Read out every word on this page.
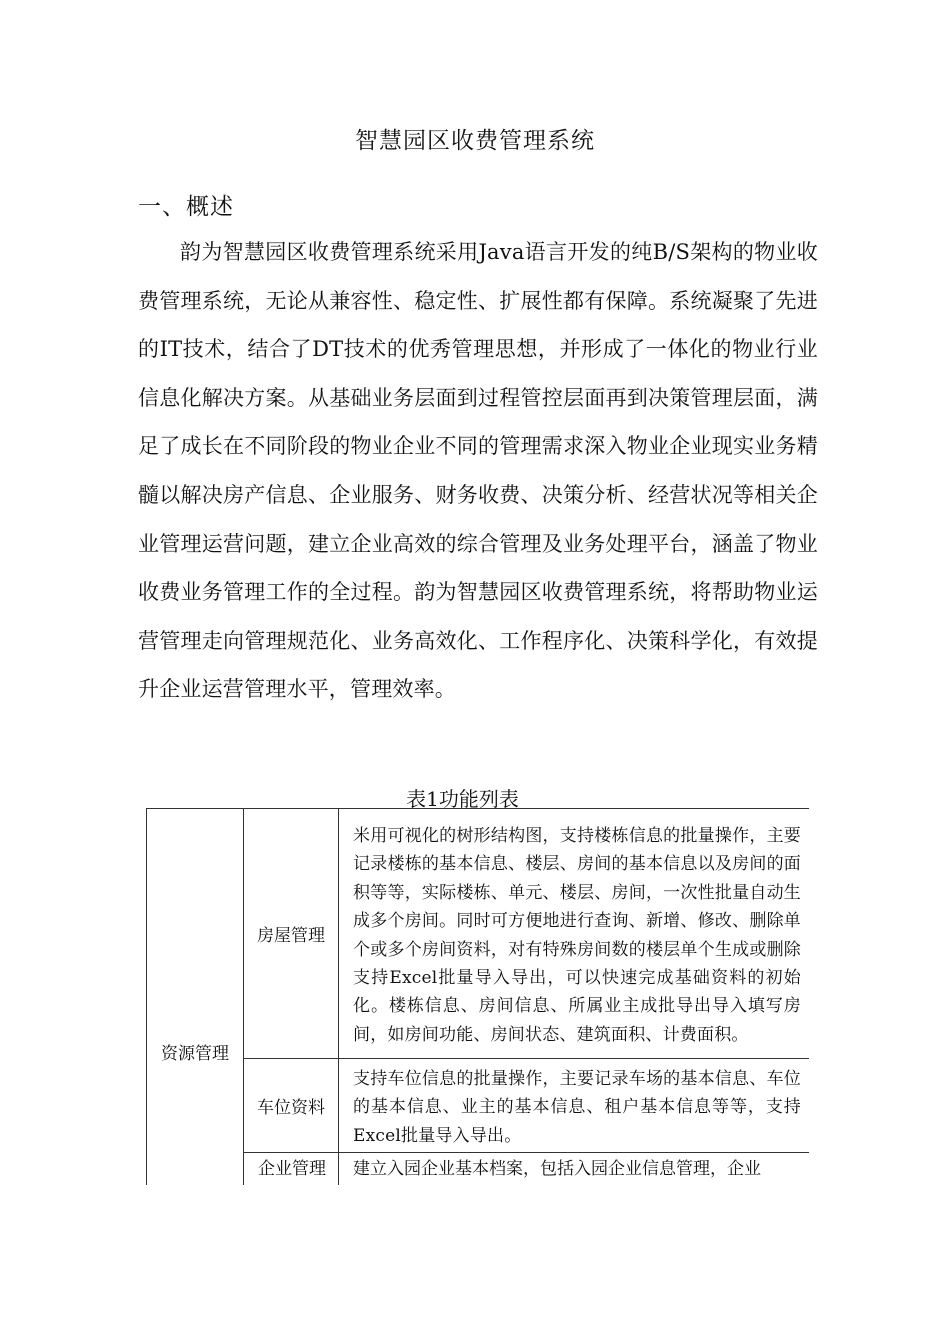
智慧园区收费管理系统
一、概述

韵为智慧园区收费管理系统采用Java语言开发的纯B/S架构的物业收费管理系统，无论从兼容性、稳定性、扩展性都有保障。系统凝聚了先进的IT技术，结合了DT技术的优秀管理思想，并形成了一体化的物业行业信息化解决方案。从基础业务层面到过程管控层面再到决策管理层面，满足了成长在不同阶段的物业企业不同的管理需求深入物业企业现实业务精髓以解决房产信息、企业服务、财务收费、决策分析、经营状况等相关企业管理运营问题，建立企业高效的综合管理及业务处理平台，涵盖了物业收费业务管理工作的全过程。韵为智慧园区收费管理系统，将帮助物业运营管理走向管理规范化、业务高效化、工作程序化、决策科学化，有效提升企业运营管理水平，管理效率。

表1功能列表
资源管理	房屋管理	米用可视化的树形结构图，支持楼栋信息的批量操作，主要记录楼栋的基本信息、楼层、房间的基本信息以及房间的面积等等，实际楼栋、单元、楼层、房间，一次性批量自动生成多个房间。同时可方便地进行查询、新增、修改、删除单个或多个房间资料，对有特殊房间数的楼层单个生成或删除支持Excel批量导入导出，可以快速完成基础资料的初始化。楼栋信息、房间信息、所属业主成批导出导入填写房间，如房间功能、房间状态、建筑面积、计费面积。

	车位资料	支持车位信息的批量操作，主要记录车场的基本信息、车位的基本信息、业主的基本信息、租户基本信息等等，支持Excel批量导入导出。

	企业管理	建立入园企业基本档案，包括入园企业信息管理，企业
